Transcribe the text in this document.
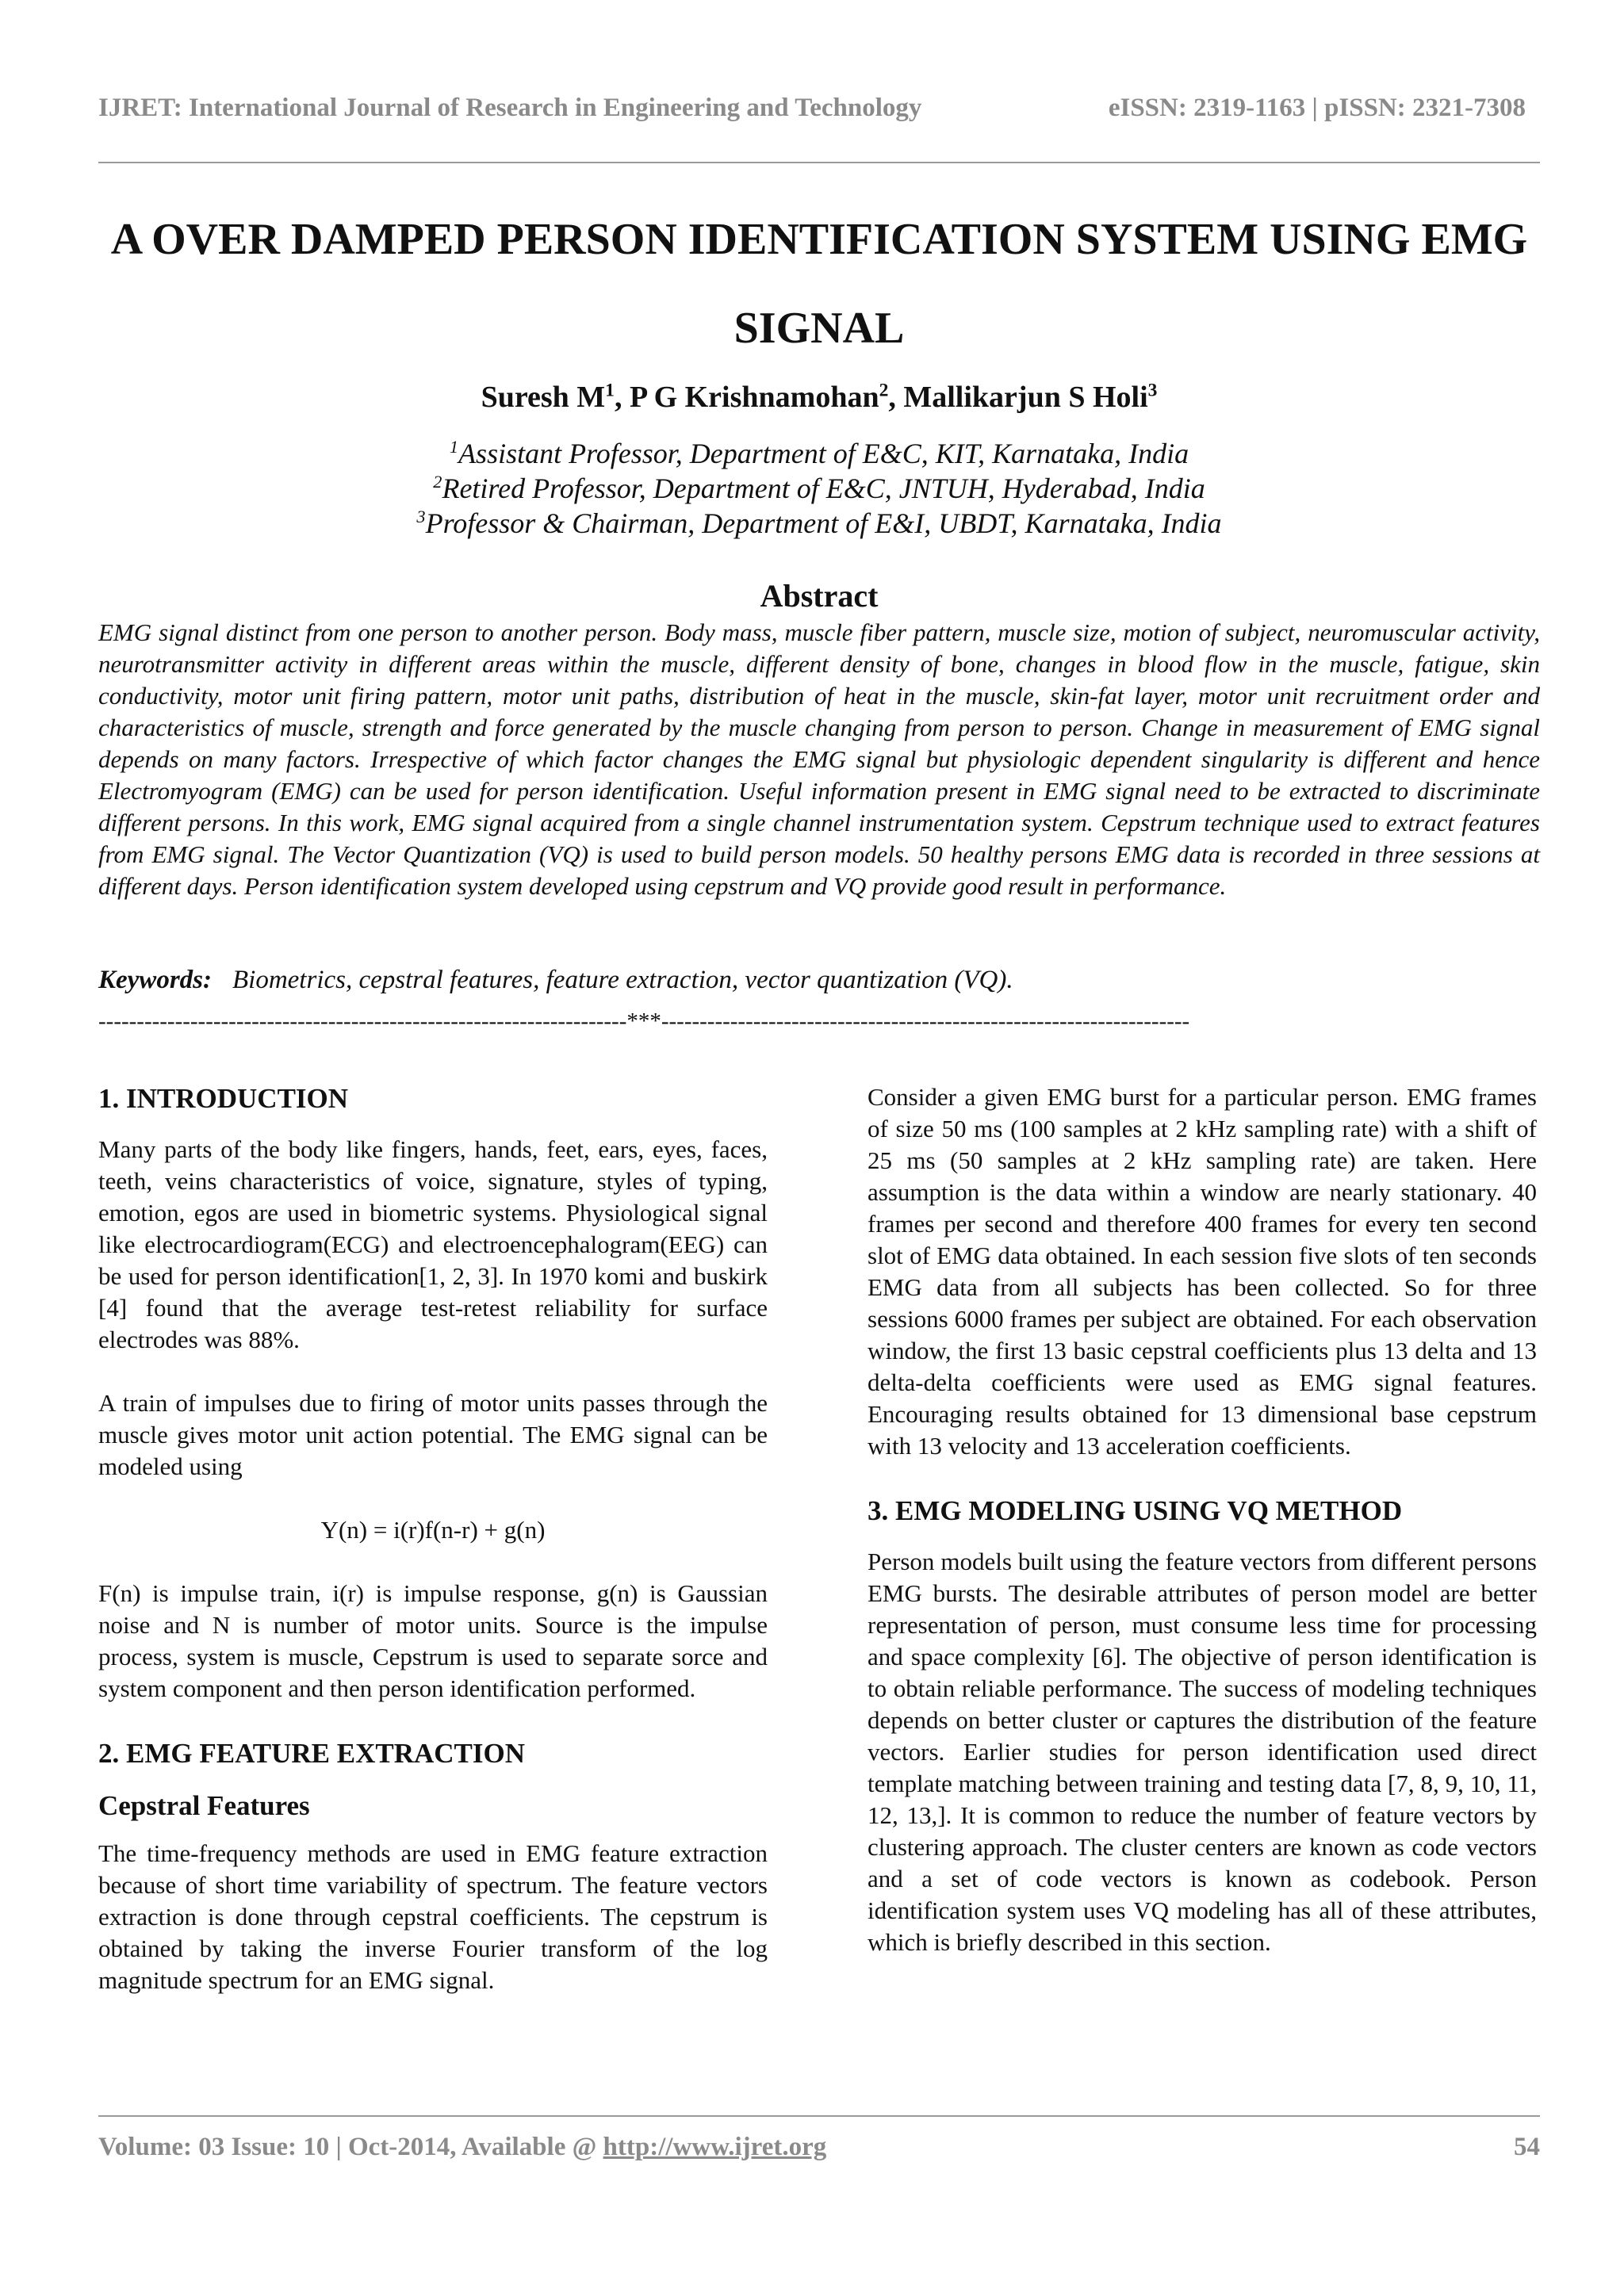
IJRET: International Journal of Research in Engineering and Technology	eISSN: 2319-1163 | pISSN: 2321-7308
A OVER DAMPED PERSON IDENTIFICATION SYSTEM USING EMG
SIGNAL
Suresh $M^1$, P G Krishnamohan$^2$, Mallikarjun S Holi$^3$
$^1$Assistant Professor, Department of E&C, KIT, Karnataka, India
$^2$Retired Professor, Department of E&C, JNTUH, Hyderabad, India
$^3$Professor & Chairman, Department of E&I, UBDT, Karnataka, India
Abstract

EMG signal distinct from one person to another person. Body mass, muscle fiber pattern, muscle size, motion of subject, neuromuscular activity, neurotransmitter activity in different areas within the muscle, different density of bone, changes in blood flow in the muscle, fatigue, skin conductivity, motor unit firing pattern, motor unit paths, distribution of heat in the muscle, skin-fat layer, motor unit recruitment order and characteristics of muscle, strength and force generated by the muscle changing from person to person. Change in measurement of EMG signal depends on many factors. Irrespective of which factor changes the EMG signal but physiologic dependent singularity is different and hence Electromyogram (EMG) can be used for person identification. Useful information present in EMG signal need to be extracted to discriminate different persons. In this work, EMG signal acquired from a single channel instrumentation system. Cepstrum technique used to extract features from EMG signal. The Vector Quantization (VQ) is used to build person models. 50 healthy persons EMG data is recorded in three sessions at different days. Person identification system developed using cepstrum and VQ provide good result in performance.

Keywords: Biometrics, cepstral features, feature extraction, vector quantization (VQ).
---------------------------------------------------------------------***---------------------------------------------------------------------
1. INTRODUCTION

Many parts of the body like fingers, hands, feet, ears, eyes, faces, teeth, veins characteristics of voice, signature, styles of typing, emotion, egos are used in biometric systems. Physiological signal like electrocardiogram(ECG) and electroencephalogram(EEG) can be used for person identification[1, 2, 3]. In 1970 komi and buskirk [4] found that the average test-retest reliability for surface electrodes was 88%.

A train of impulses due to firing of motor units passes through the muscle gives motor unit action potential. The EMG signal can be modeled using

Y(n) = i(r)f(n-r) + g(n)

F(n) is impulse train, i(r) is impulse response, g(n) is Gaussian noise and N is number of motor units. Source is the impulse process, system is muscle, Cepstrum is used to separate sorce and system component and then person identification performed.

2. EMG FEATURE EXTRACTION
Cepstral Features

The time-frequency methods are used in EMG feature extraction because of short time variability of spectrum. The feature vectors extraction is done through cepstral coefficients. The cepstrum is obtained by taking the inverse Fourier transform of the log magnitude spectrum for an EMG signal.

Consider a given EMG burst for a particular person. EMG frames of size 50 ms (100 samples at 2 kHz sampling rate) with a shift of 25 ms (50 samples at 2 kHz sampling rate) are taken. Here assumption is the data within a window are nearly stationary. 40 frames per second and therefore 400 frames for every ten second slot of EMG data obtained. In each session five slots of ten seconds EMG data from all subjects has been collected. So for three sessions 6000 frames per subject are obtained. For each observation window, the first 13 basic cepstral coefficients plus 13 delta and 13 delta-delta coefficients were used as EMG signal features. Encouraging results obtained for 13 dimensional base cepstrum with 13 velocity and 13 acceleration coefficients.

3. EMG MODELING USING VQ METHOD

Person models built using the feature vectors from different persons EMG bursts. The desirable attributes of person model are better representation of person, must consume less time for processing and space complexity [6]. The objective of person identification is to obtain reliable performance. The success of modeling techniques depends on better cluster or captures the distribution of the feature vectors. Earlier studies for person identification used direct template matching between training and testing data [7, 8, 9, 10, 11, 12, 13,]. It is common to reduce the number of feature vectors by clustering approach. The cluster centers are known as code vectors and a set of code vectors is known as codebook. Person identification system uses VQ modeling has all of these attributes, which is briefly described in this section.

Volume: 03 Issue: 10 | Oct-2014, Available @ http://www.ijret.org	54
